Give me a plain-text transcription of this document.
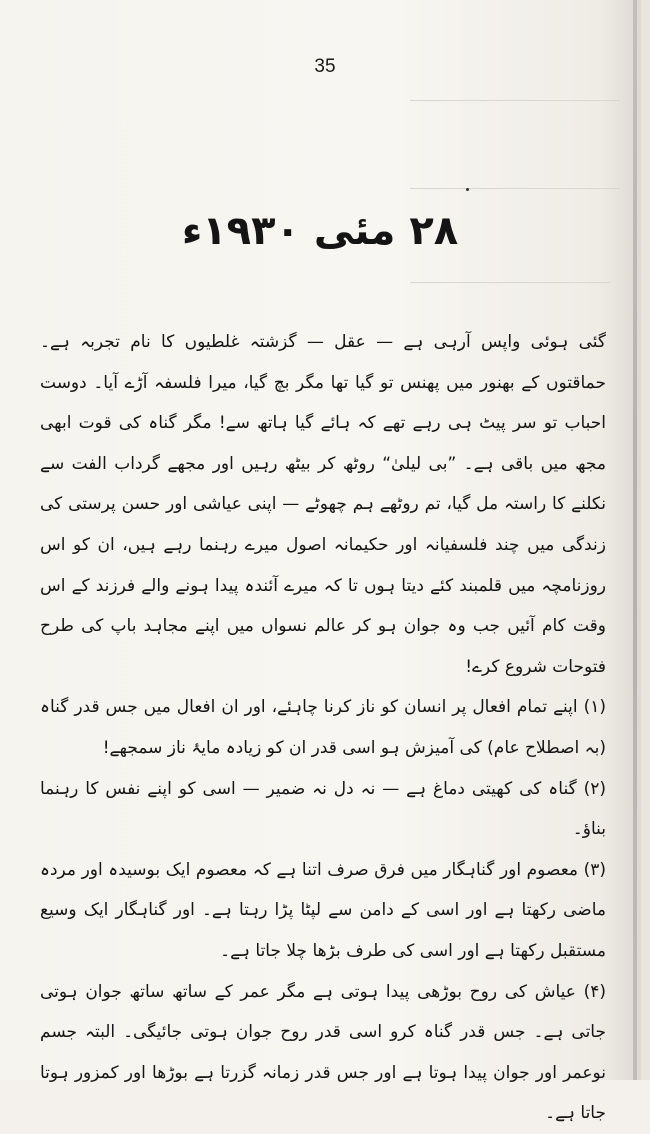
35
۲۸ مئی ۱۹۳۰ء

گئی ہوئی واپس آرہی ہے — عقل — گزشتہ غلطیوں کا نام تجربہ ہے۔ حماقتوں کے بھنور میں پھنس تو گیا تھا مگر بچ گیا، میرا فلسفہ آڑے آیا۔ دوست احباب تو سر پیٹ ہی رہے تھے کہ ہائے گیا ہاتھ سے! مگر گناہ کی قوت ابھی مجھ میں باقی ہے۔ ”بی لیلیٰ“ روٹھ کر بیٹھ رہیں اور مجھے گرداب الفت سے نکلنے کا راستہ مل گیا، تم روٹھے ہم چھوٹے — اپنی عیاشی اور حسن پرستی کی زندگی میں چند فلسفیانہ اور حکیمانہ اصول میرے رہنما رہے ہیں، ان کو اس روزنامچہ میں قلمبند کئے دیتا ہوں تا کہ میرے آئندہ پیدا ہونے والے فرزند کے اس وقت کام آئیں جب وہ جوان ہو کر عالم نسواں میں اپنے مجاہد باپ کی طرح فتوحات شروع کرے!

(۱) اپنے تمام افعال پر انسان کو ناز کرنا چاہئے، اور ان افعال میں جس قدر گناہ (بہ اصطلاح عام) کی آمیزش ہو اسی قدر ان کو زیادہ مایۂ ناز سمجھے!

(۲) گناہ کی کھیتی دماغ ہے — نہ دل نہ ضمیر — اسی کو اپنے نفس کا رہنما بناؤ۔

(۳) معصوم اور گناہگار میں فرق صرف اتنا ہے کہ معصوم ایک بوسیدہ اور مردہ ماضی رکھتا ہے اور اسی کے دامن سے لپٹا پڑا رہتا ہے۔ اور گناہگار ایک وسیع مستقبل رکھتا ہے اور اسی کی طرف بڑھا چلا جاتا ہے۔

(۴) عیاش کی روح بوڑھی پیدا ہوتی ہے مگر عمر کے ساتھ ساتھ جوان ہوتی جاتی ہے۔ جس قدر گناہ کرو اسی قدر روح جوان ہوتی جائیگی۔ البتہ جسم نوعمر اور جوان پیدا ہوتا ہے اور جس قدر زمانہ گزرتا ہے بوڑھا اور کمزور ہوتا جاتا ہے۔
